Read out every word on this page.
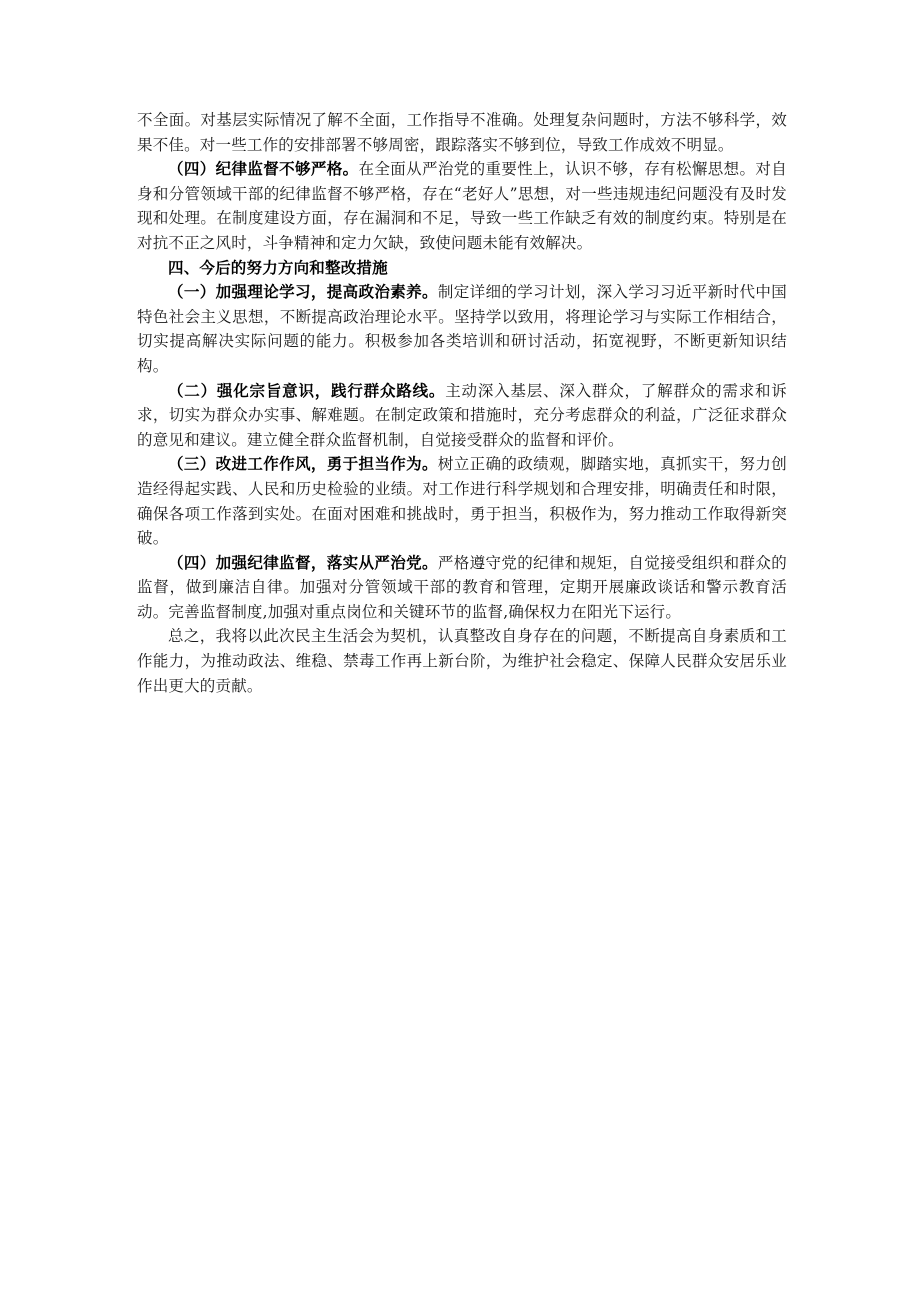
不全面。对基层实际情况了解不全面，工作指导不准确。处理复杂问题时，方法不够科学，效果不佳。对一些工作的安排部署不够周密，跟踪落实不够到位，导致工作成效不明显。

（四）纪律监督不够严格。在全面从严治党的重要性上，认识不够，存有松懈思想。对自身和分管领域干部的纪律监督不够严格，存在“老好人”思想，对一些违规违纪问题没有及时发现和处理。在制度建设方面，存在漏洞和不足，导致一些工作缺乏有效的制度约束。特别是在对抗不正之风时，斗争精神和定力欠缺，致使问题未能有效解决。

四、今后的努力方向和整改措施

（一）加强理论学习，提高政治素养。制定详细的学习计划，深入学习习近平新时代中国特色社会主义思想，不断提高政治理论水平。坚持学以致用，将理论学习与实际工作相结合，切实提高解决实际问题的能力。积极参加各类培训和研讨活动，拓宽视野，不断更新知识结构。

（二）强化宗旨意识，践行群众路线。主动深入基层、深入群众，了解群众的需求和诉求，切实为群众办实事、解难题。在制定政策和措施时，充分考虑群众的利益，广泛征求群众的意见和建议。建立健全群众监督机制，自觉接受群众的监督和评价。

（三）改进工作作风，勇于担当作为。树立正确的政绩观，脚踏实地，真抓实干，努力创造经得起实践、人民和历史检验的业绩。对工作进行科学规划和合理安排，明确责任和时限，确保各项工作落到实处。在面对困难和挑战时，勇于担当，积极作为，努力推动工作取得新突破。

（四）加强纪律监督，落实从严治党。严格遵守党的纪律和规矩，自觉接受组织和群众的监督，做到廉洁自律。加强对分管领域干部的教育和管理，定期开展廉政谈话和警示教育活动。完善监督制度,加强对重点岗位和关键环节的监督,确保权力在阳光下运行。

总之，我将以此次民主生活会为契机，认真整改自身存在的问题，不断提高自身素质和工作能力，为推动政法、维稳、禁毒工作再上新台阶，为维护社会稳定、保障人民群众安居乐业作出更大的贡献。
